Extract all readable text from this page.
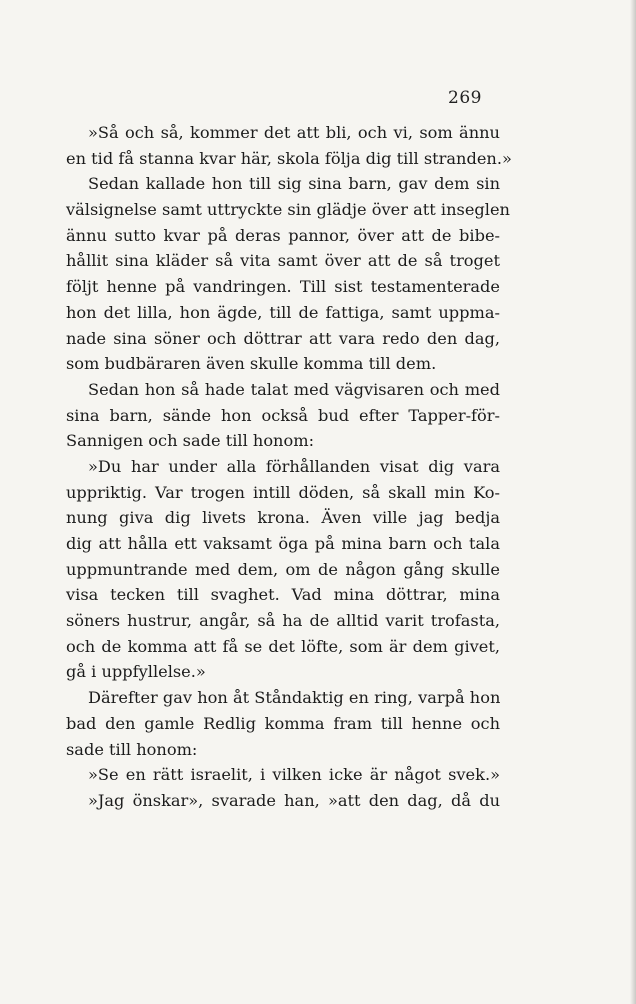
269
»Så och så, kommer det att bli, och vi, som ännu
en tid få stanna kvar här, skola följa dig till stranden.»
Sedan kallade hon till sig sina barn, gav dem sin
välsignelse samt uttryckte sin glädje över att inseglen
ännu sutto kvar på deras pannor, över att de bibe-
hållit sina kläder så vita samt över att de så troget
följt henne på vandringen. Till sist testamenterade
hon det lilla, hon ägde, till de fattiga, samt uppma-
nade sina söner och döttrar att vara redo den dag,
som budbäraren även skulle komma till dem.
Sedan hon så hade talat med vägvisaren och med
sina barn, sände hon också bud efter Tapper-för-
Sannigen och sade till honom:
»Du har under alla förhållanden visat dig vara
uppriktig. Var trogen intill döden, så skall min Ko-
nung giva dig livets krona. Även ville jag bedja
dig att hålla ett vaksamt öga på mina barn och tala
uppmuntrande med dem, om de någon gång skulle
visa tecken till svaghet. Vad mina döttrar, mina
söners hustrur, angår, så ha de alltid varit trofasta,
och de komma att få se det löfte, som är dem givet,
gå i uppfyllelse.»
Därefter gav hon åt Ståndaktig en ring, varpå hon
bad den gamle Redlig komma fram till henne och
sade till honom:
»Se en rätt israelit, i vilken icke är något svek.»
»Jag önskar», svarade han, »att den dag, då du
